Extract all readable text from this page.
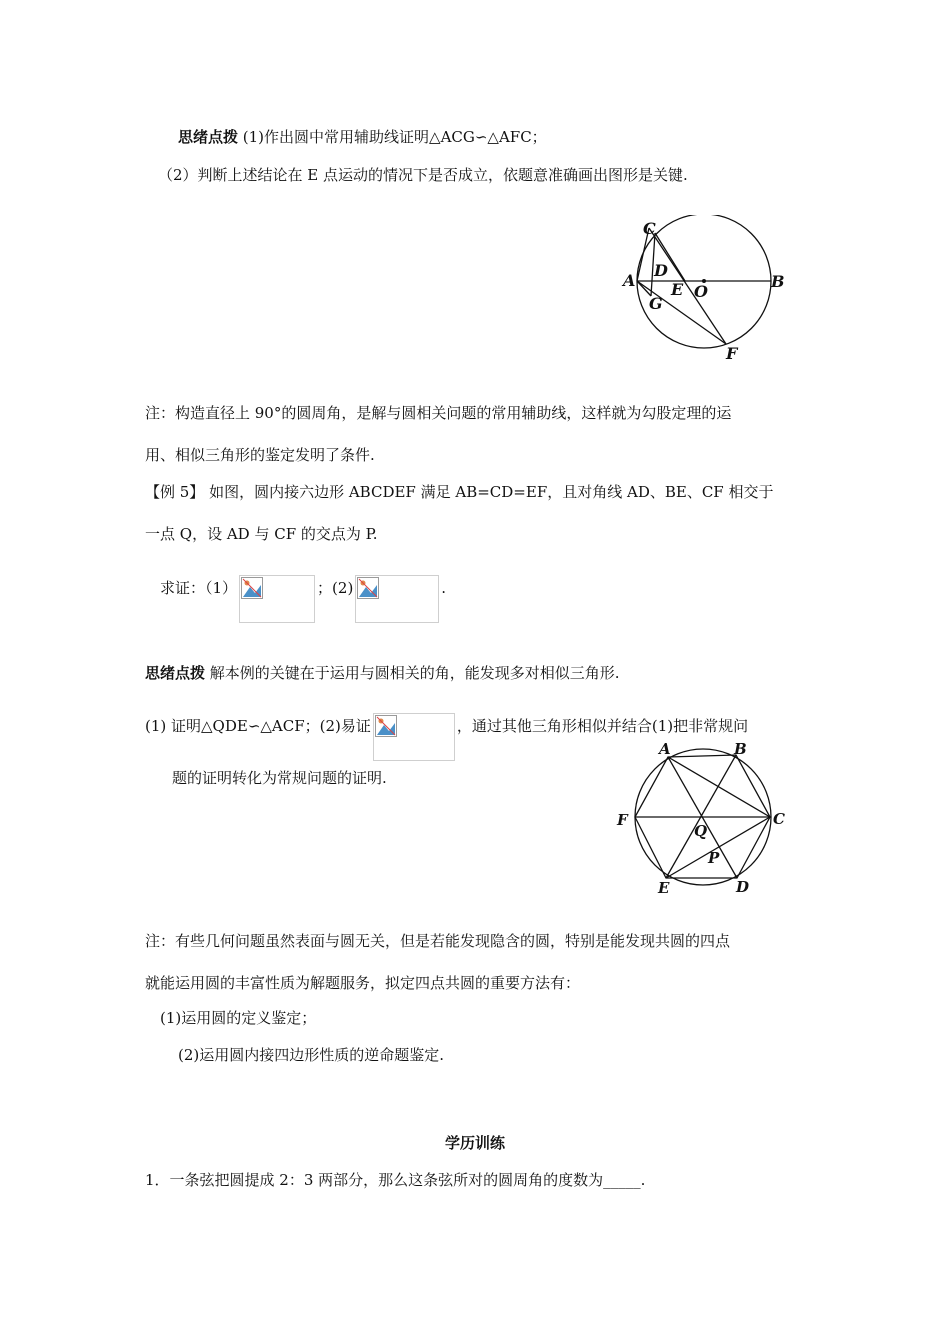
思绪点拨 (1)作出圆中常用辅助线证明△ACG∽△AFC；
（2）判断上述结论在 E 点运动的情况下是否成立，依题意准确画出图形是关键.
C
D
A E O
B
G
F
注：构造直径上 90°的圆周角，是解与圆相关问题的常用辅助线，这样就为勾股定理的运
用、相似三角形的鉴定发明了条件.
【例 5】 如图，圆内接六边形 ABCDEF 满足 AB=CD=EF，且对角线 AD、BE、CF 相交于
一点 Q，设 AD 与 CF 的交点为 P.
求证：（1）	；(2)	.
思绪点拨 解本例的关键在于运用与圆相关的角，能发现多对相似三角形.
(1) 证明△QDE∽△ACF；(2)易证	，通过其他三角形相似并结合(1)把非常规问
题的证明转化为常规问题的证明.
A	B
C
D
E
F
Q
P
注：有些几何问题虽然表面与圆无关，但是若能发现隐含的圆，特别是能发现共圆的四点
就能运用圆的丰富性质为解题服务，拟定四点共圆的重要方法有：
(1)运用圆的定义鉴定；
(2)运用圆内接四边形性质的逆命题鉴定.
学历训练
1．一条弦把圆提成 2：3 两部分，那么这条弦所对的圆周角的度数为_____.
